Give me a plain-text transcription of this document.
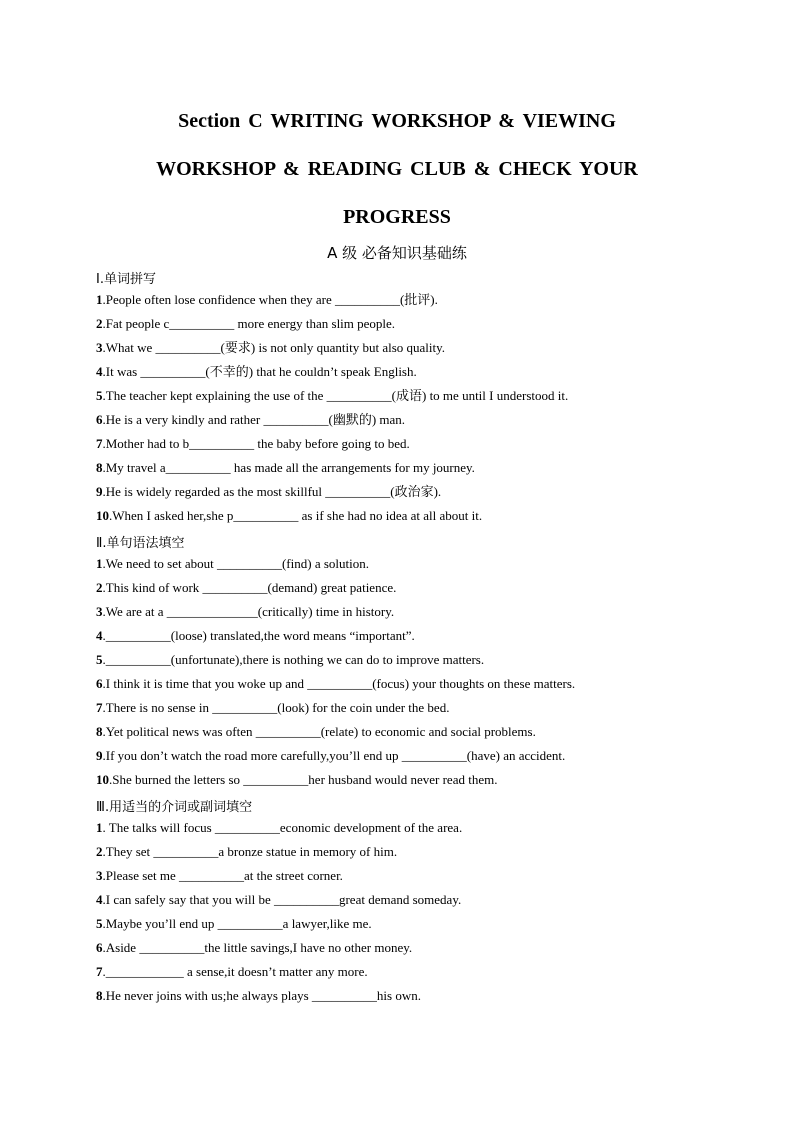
Section C WRITING WORKSHOP & VIEWING
WORKSHOP & READING CLUB & CHECK YOUR
PROGRESS
A 级 必备知识基础练
Ⅰ.单词拼写
1.People often lose confidence when they are __________(批评).
2.Fat people c__________ more energy than slim people.
3.What we __________(要求) is not only quantity but also quality.
4.It was __________(不幸的) that he couldn’t speak English.
5.The teacher kept explaining the use of the __________(成语) to me until I understood it.
6.He is a very kindly and rather __________(幽默的) man.
7.Mother had to b__________ the baby before going to bed.
8.My travel a__________ has made all the arrangements for my journey.
9.He is widely regarded as the most skillful __________(政治家).
10.When I asked her,she p__________ as if she had no idea at all about it.
Ⅱ.单句语法填空
1.We need to set about __________(find) a solution.
2.This kind of work __________(demand) great patience.
3.We are at a ______________(critically) time in history.
4.__________(loose) translated,the word means “important”.
5.__________(unfortunate),there is nothing we can do to improve matters.
6.I think it is time that you woke up and __________(focus) your thoughts on these matters.
7.There is no sense in __________(look) for the coin under the bed.
8.Yet political news was often __________(relate) to economic and social problems.
9.If you don’t watch the road more carefully,you’ll end up __________(have) an accident.
10.She burned the letters so __________her husband would never read them.
Ⅲ.用适当的介词或副词填空
1. The talks will focus __________economic development of the area.
2.They set __________a bronze statue in memory of him.
3.Please set me __________at the street corner.
4.I can safely say that you will be __________great demand someday.
5.Maybe you’ll end up __________a lawyer,like me.
6.Aside __________the little savings,I have no other money.
7.____________ a sense,it doesn’t matter any more.
8.He never joins with us;he always plays __________his own.
